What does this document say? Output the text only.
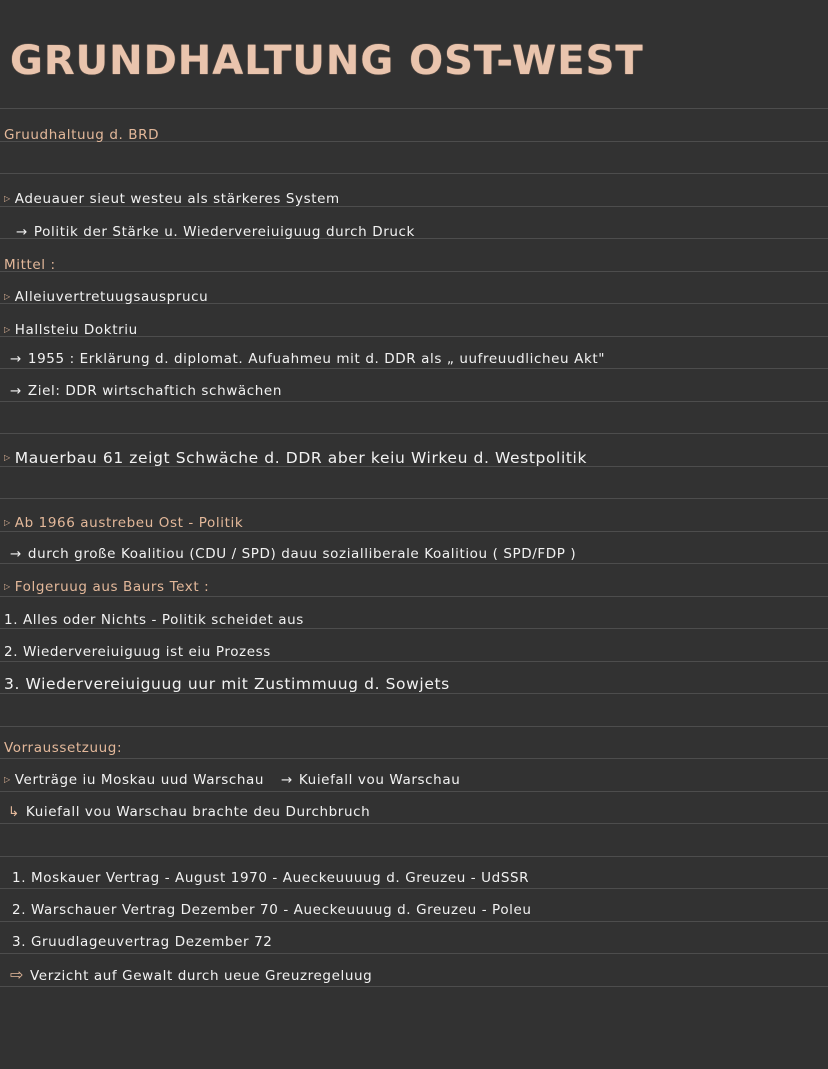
GRUNDHALTUNG OST-WEST
Gruudhaltuug d. BRD
▷ Adeuauer sieut westeu als stärkeres System
→ Politik der Stärke u. Wiedervereiuiguug durch Druck
Mittel :
▷ Alleiuvertretuugsausprucu
▷ Hallsteiu Doktriu
→ 1955 : Erklärung d. diplomat. Aufuahmeu mit d. DDR als „ uufreuudlicheu Akt"
→ Ziel: DDR wirtschaftich schwächen
▷ Mauerbau 61 zeigt Schwäche d. DDR aber keiu Wirkeu d. Westpolitik
▷ Ab 1966 austrebeu Ost - Politik
→ durch große Koalitiou (CDU / SPD) dauu sozialliberale Koalitiou ( SPD/FDP )
▷ Folgeruug aus Baurs Text :
1. Alles oder Nichts - Politik scheidet aus
2. Wiedervereiuiguug ist eiu Prozess
3. Wiedervereiuiguug uur mit Zustimmuug d. Sowjets
Vorraussetzuug:
▷ Verträge iu Moskau uud Warschau → Kuiefall vou Warschau
↳ Kuiefall vou Warschau brachte deu Durchbruch
1. Moskauer Vertrag - August 1970 - Aueckeuuuug d. Greuzeu - UdSSR
2. Warschauer Vertrag Dezember 70 - Aueckeuuuug d. Greuzeu - Poleu
3. Gruudlageuvertrag Dezember 72
⇨ Verzicht auf Gewalt durch ueue Greuzregeluug
